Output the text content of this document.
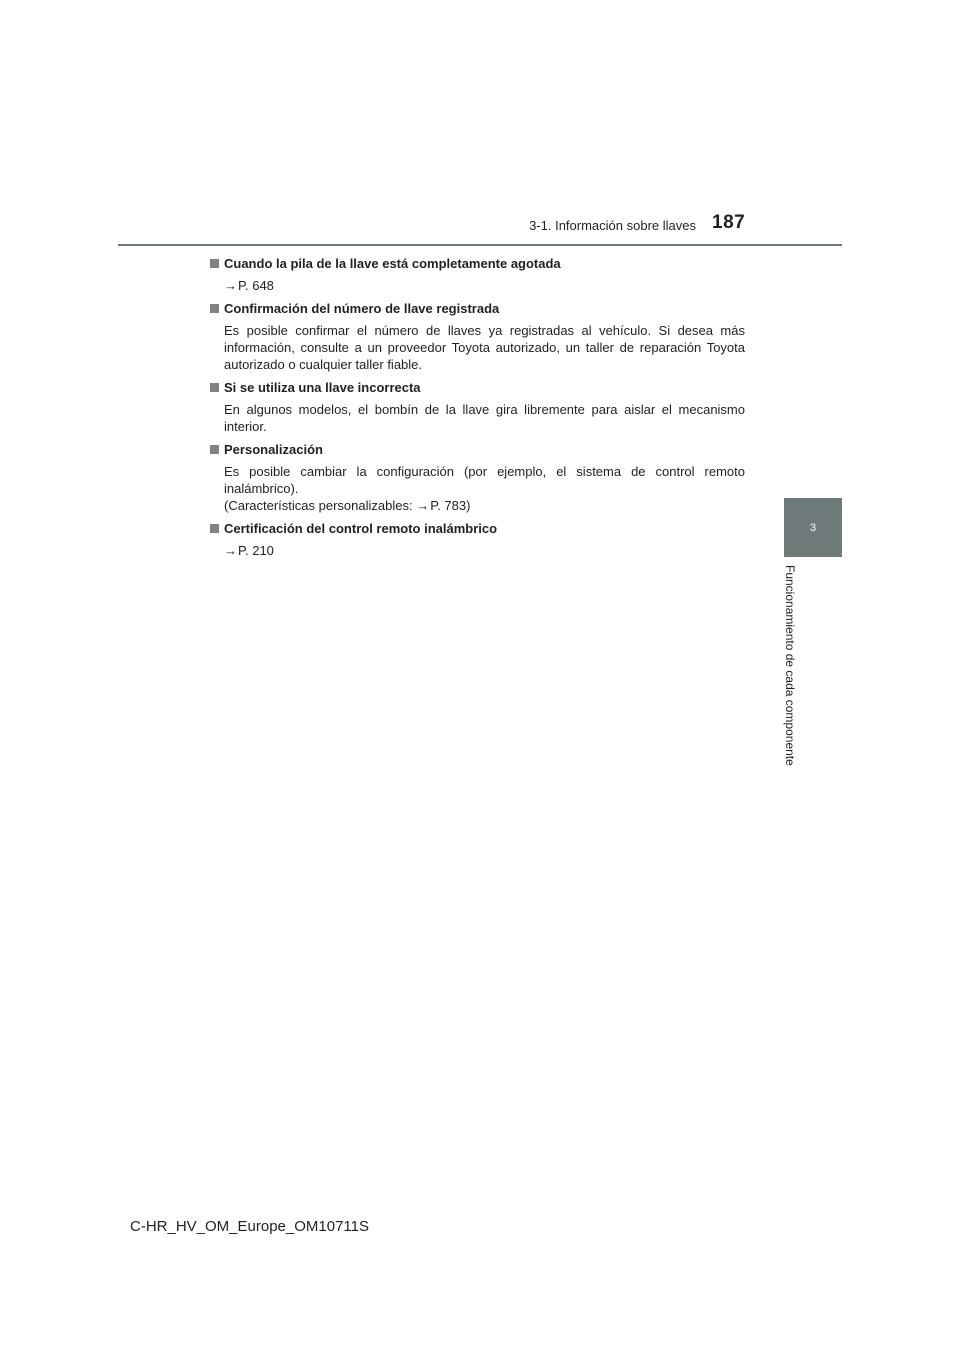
3-1. Información sobre llaves 187
3
Funcionamiento de cada componente
Cuando la pila de la llave está completamente agotada
→P. 648
Confirmación del número de llave registrada
Es posible confirmar el número de llaves ya registradas al vehículo. Si desea más información, consulte a un proveedor Toyota autorizado, un taller de reparación Toyota autorizado o cualquier taller fiable.
Si se utiliza una llave incorrecta
En algunos modelos, el bombín de la llave gira libremente para aislar el mecanismo interior.
Personalización
Es posible cambiar la configuración (por ejemplo, el sistema de control remoto inalámbrico).
(Características personalizables: →P. 783)
Certificación del control remoto inalámbrico
→P. 210
C-HR_HV_OM_Europe_OM10711S
